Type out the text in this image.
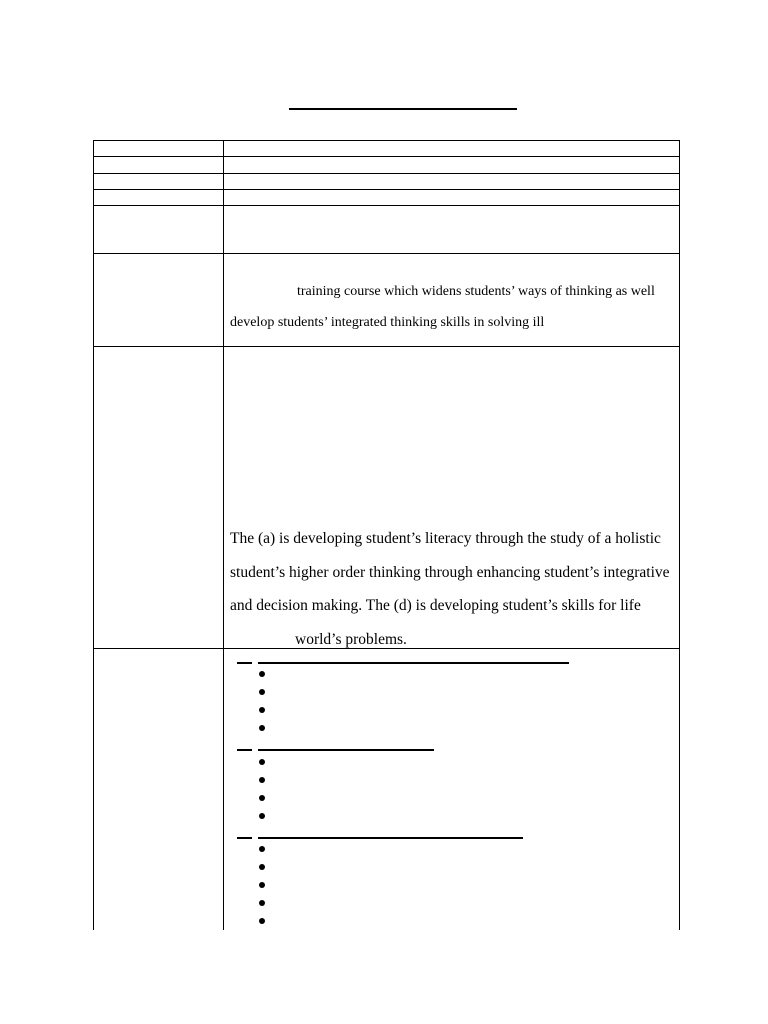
training course which widens students’ ways of thinking as well
develop students’ integrated thinking skills in solving ill
The (a) is developing student’s literacy through the study of a holistic
student’s higher order thinking through enhancing student’s integrative
and decision making. The (d) is developing student’s skills for life
world’s problems.
